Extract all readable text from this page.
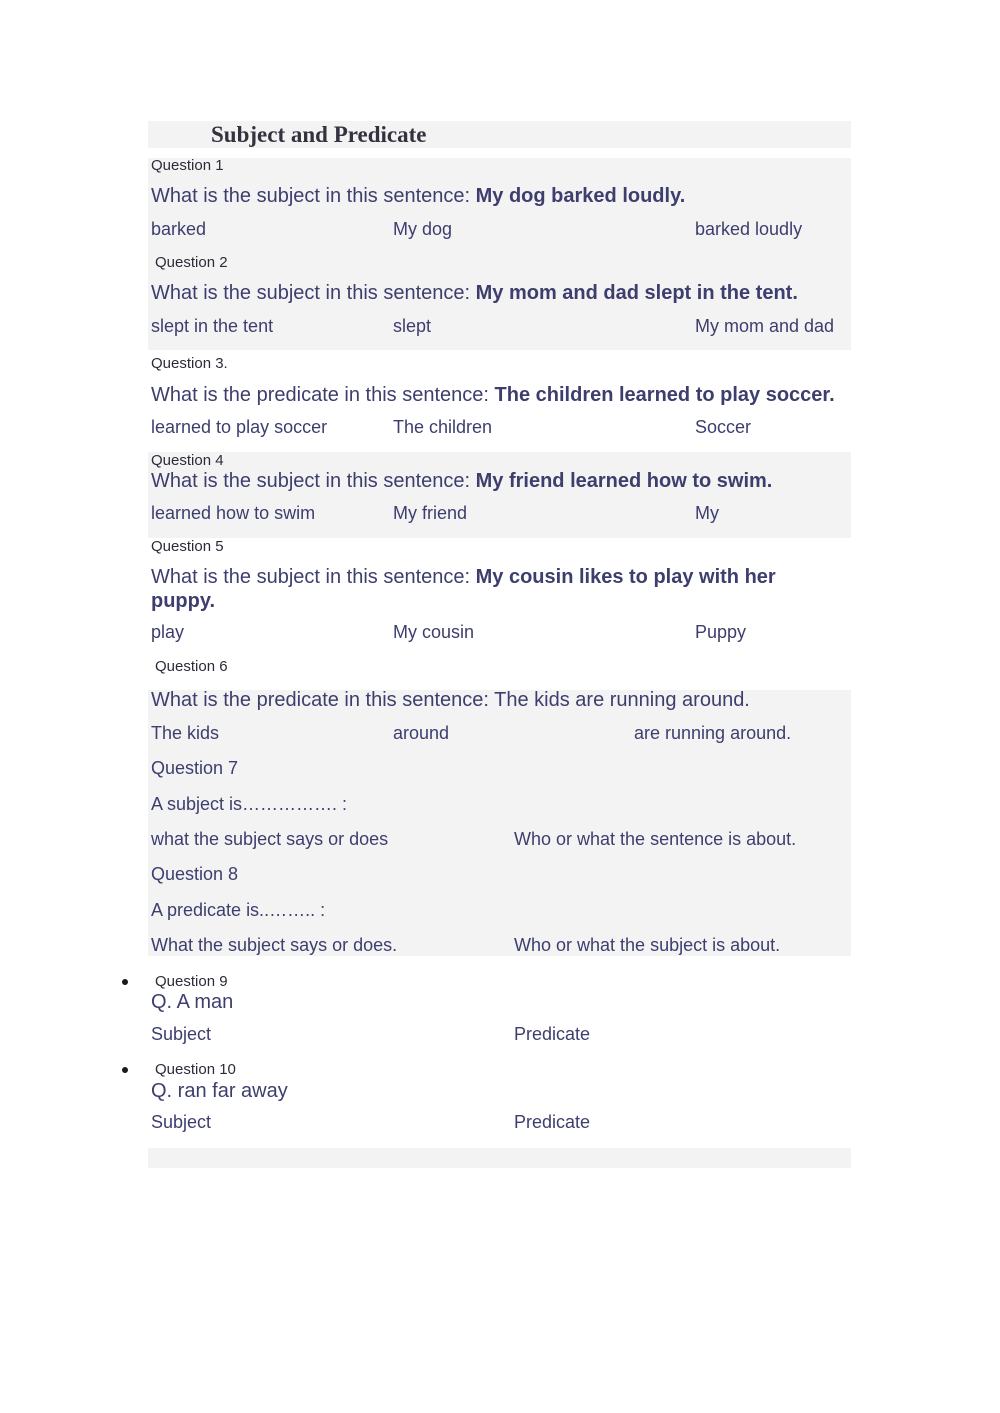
Subject and Predicate
Question 1
What is the subject in this sentence: My dog barked loudly.
barked	My dog	barked loudly
Question 2
What is the subject in this sentence: My mom and dad slept in the tent.
slept in the tent	slept	My mom and dad
Question 3.
What is the predicate in this sentence: The children learned to play soccer.
learned to play soccer	The children	Soccer
Question 4
What is the subject in this sentence: My friend learned how to swim.
learned how to swim	My friend	My
Question 5
What is the subject in this sentence: My cousin likes to play with her
puppy.
play	My cousin	Puppy
Question 6
What is the predicate in this sentence: The kids are running around.
The kids	around	are running around.
Question 7
A subject is……………. :
what the subject says or does	Who or what the sentence is about.
Question 8
A predicate is..…….. :
What the subject says or does.	Who or what the subject is about.
Question 9
Q. A man
Subject	Predicate
Question 10
Q. ran far away
Subject	Predicate
